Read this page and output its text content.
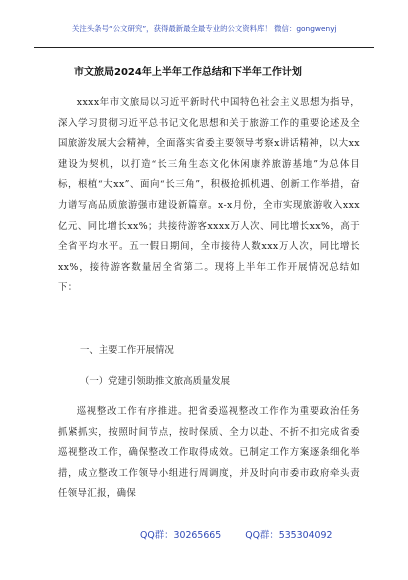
关注头条号“公文研究”，获得最新最全最专业的公文资料库！ 微信：gongwenyj
市文旅局2024年上半年工作总结和下半年工作计划

xxxx年市文旅局以习近平新时代中国特色社会主义思想为指导，深入学习贯彻习近平总书记文化思想和关于旅游工作的重要论述及全国旅游发展大会精神，全面落实省委主要领导考察x讲话精神，以大xx建设为契机，以打造“长三角生态文化休闲康养旅游基地”为总体目标，根植“大xx”、面向“长三角”，积极抢抓机遇、创新工作举措，奋力谱写高品质旅游强市建设新篇章。x-x月份，全市实现旅游收入xxx亿元、同比增长xx%；共接待游客xxxx万人次、同比增长xx%，高于全省平均水平。五一假日期间，全市接待人数xxx万人次，同比增长xx%，接待游客数量居全省第二。现将上半年工作开展情况总结如下：

一、主要工作开展情况
（一）党建引领助推文旅高质量发展

巡视整改工作有序推进。把省委巡视整改工作作为重要政治任务抓紧抓实，按照时间节点，按时保质、全力以赴、不折不扣完成省委巡视整改工作，确保整改工作取得成效。已制定工作方案逐条细化举措，成立整改工作领导小组进行周调度，并及时向市委市政府牵头责任领导汇报，确保

QQ群：30265665	QQ群：535304092
